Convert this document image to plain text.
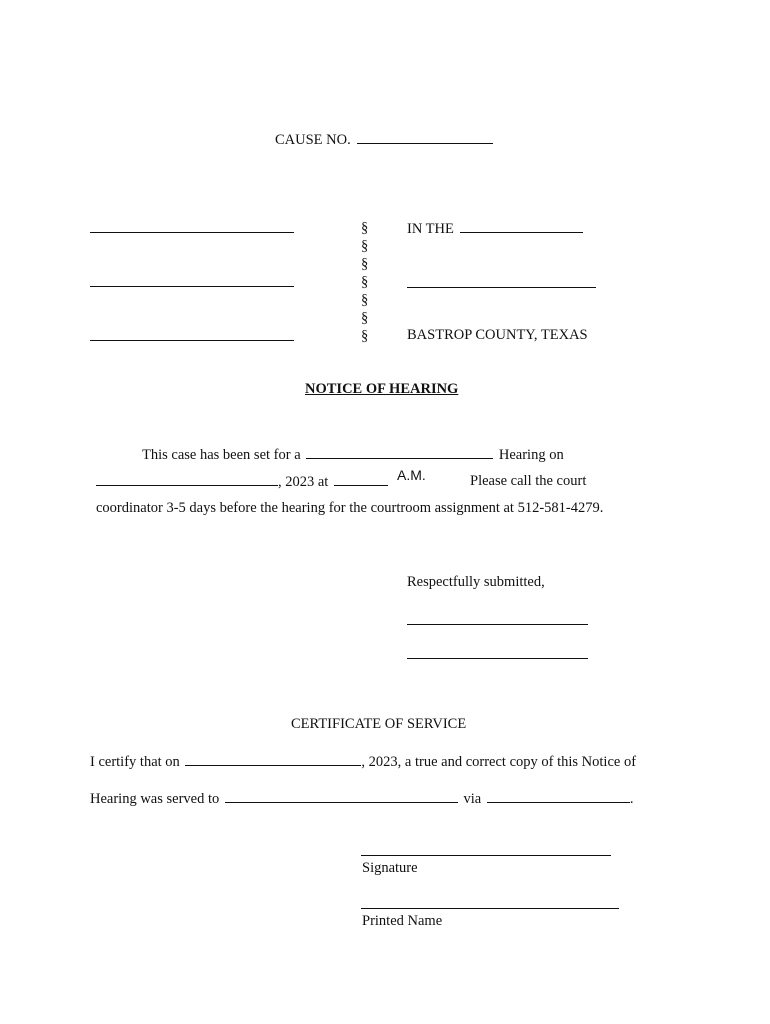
CAUSE NO.
§
§
§
§
§
§
§
IN THE
BASTROP COUNTY, TEXAS
NOTICE OF HEARING
This case has been set for a	Hearing on
, 2023 at	A.M.	Please call the court
coordinator 3-5 days before the hearing for the courtroom assignment at 512-581-4279.
Respectfully submitted,
CERTIFICATE OF SERVICE
I certify that on	, 2023, a true and correct copy of this Notice of
Hearing was served to	via	.
Signature
Printed Name
